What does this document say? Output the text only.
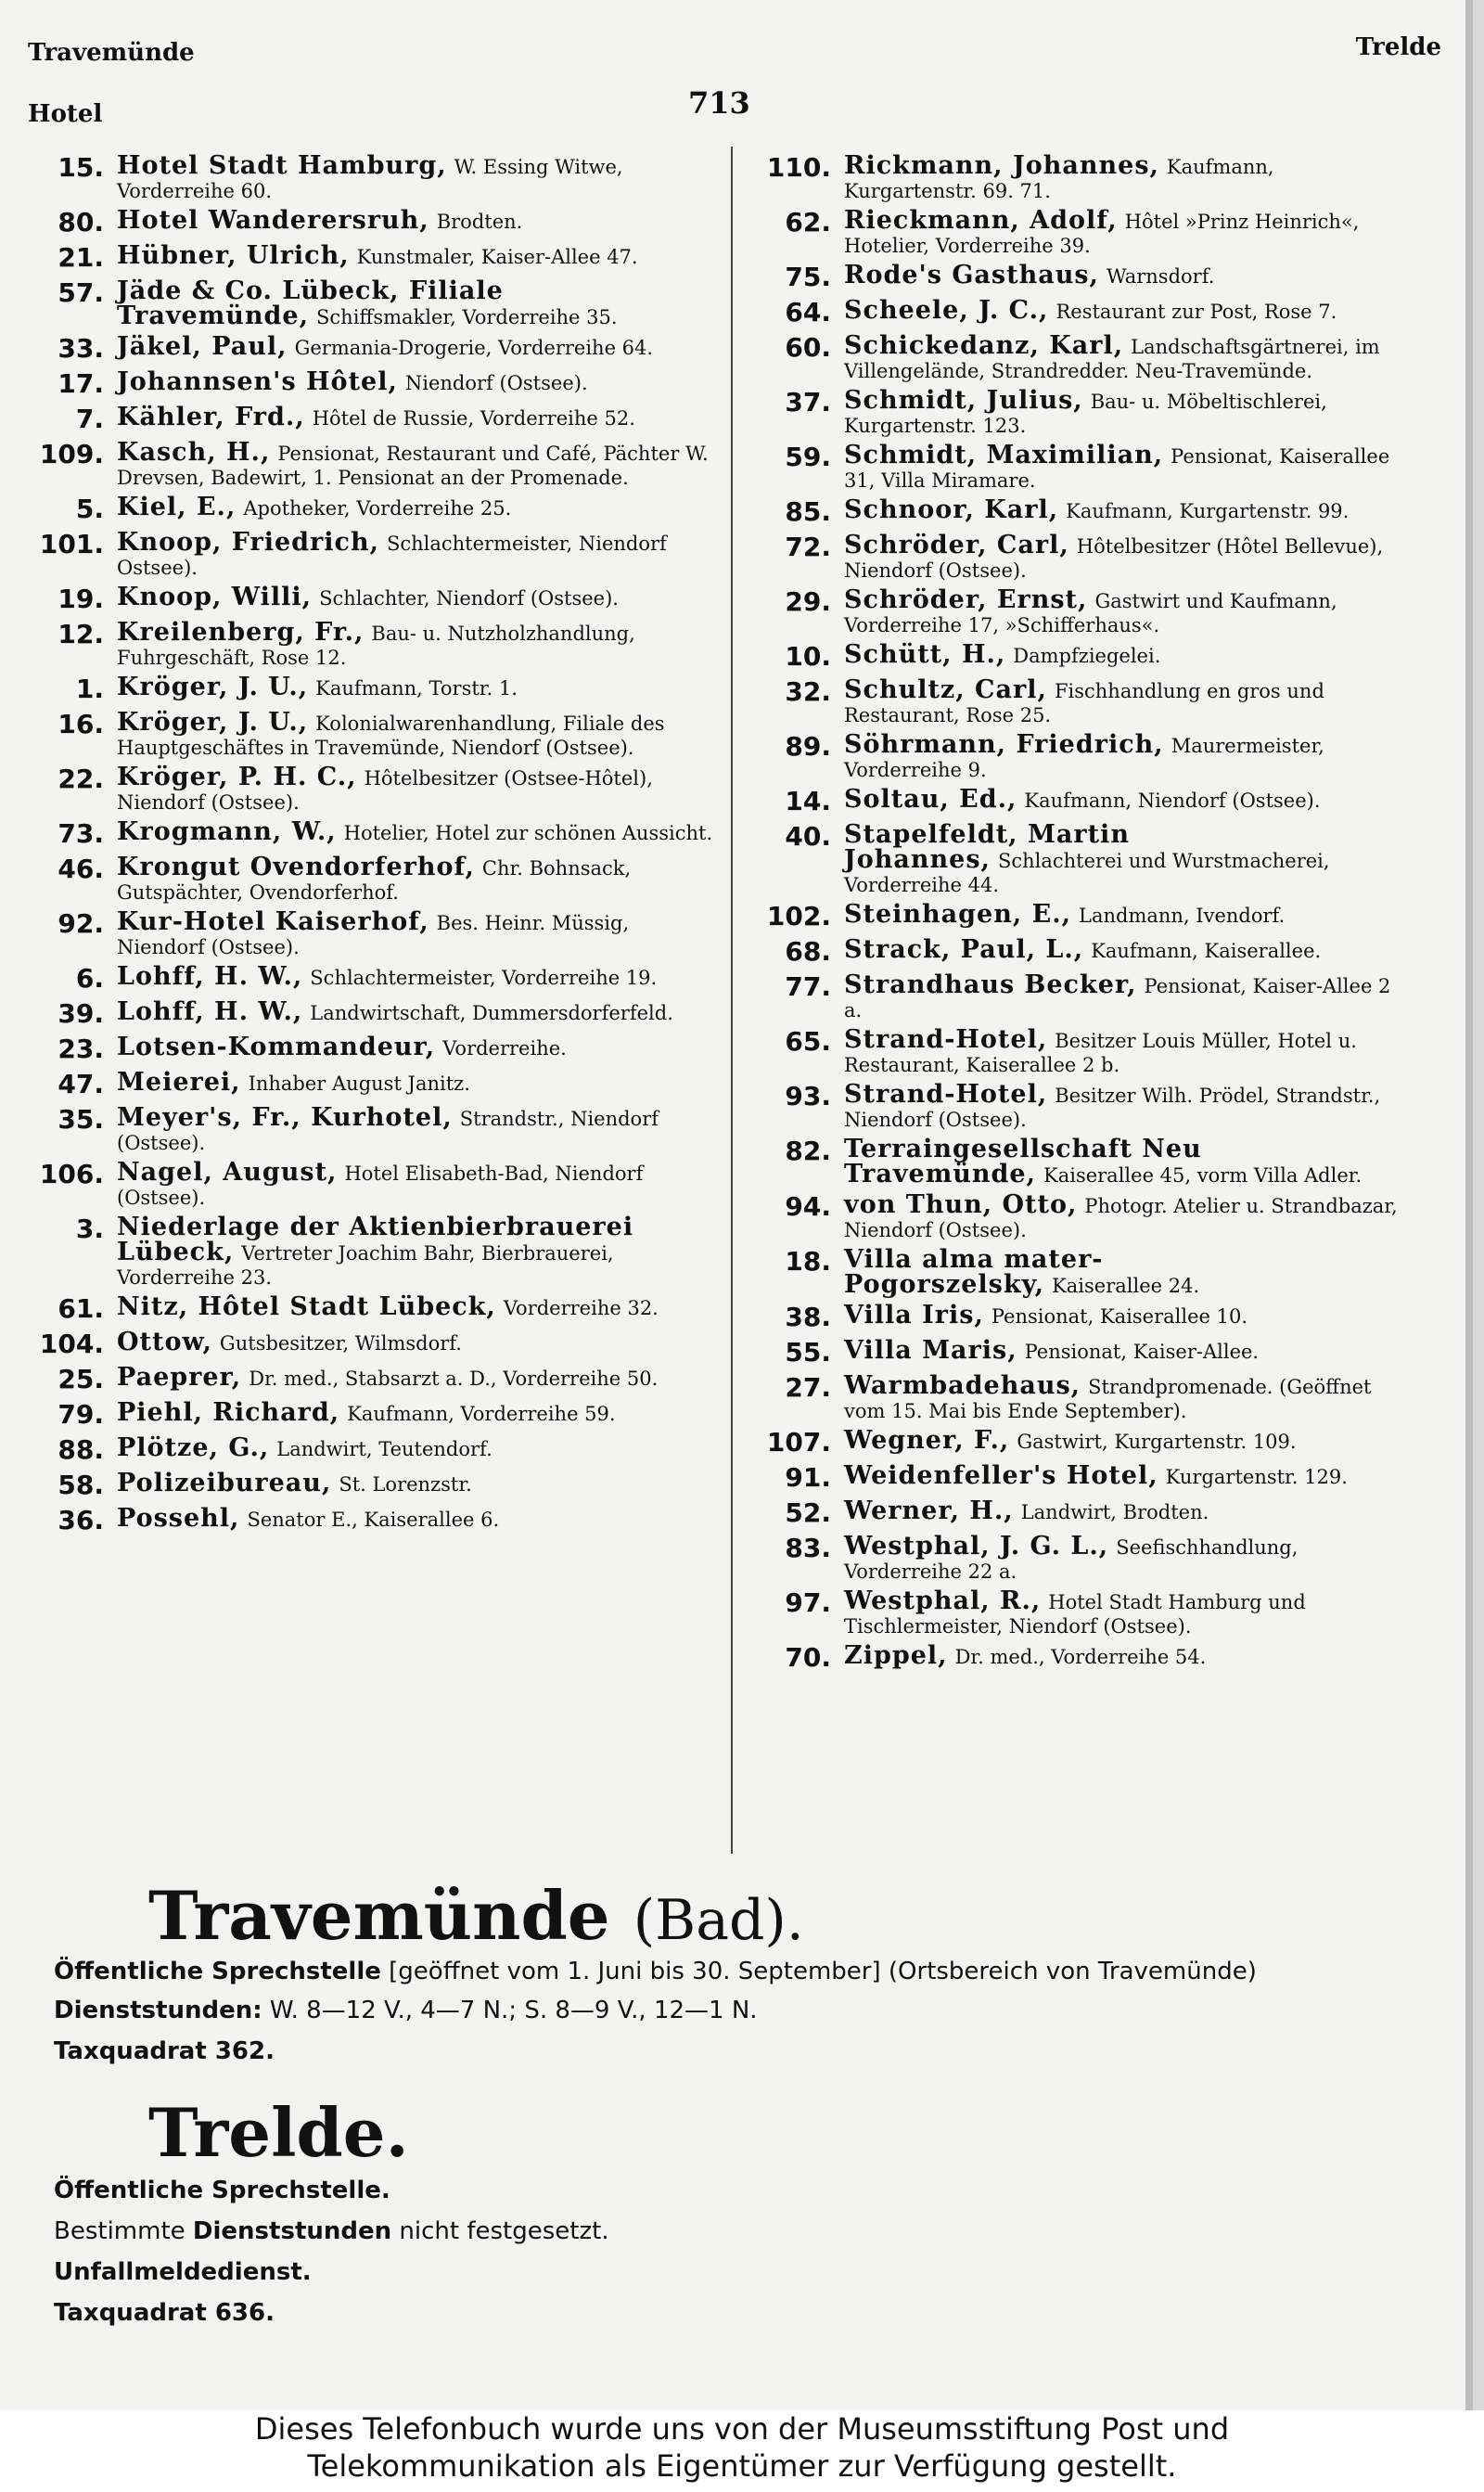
Travemünde
Hotel	713
Trelde
15. Hotel Stadt Hamburg, W. Essing Witwe, Vorderreihe 60.
80. Hotel Wanderersruh, Brodten.
21. Hübner, Ulrich, Kunstmaler, Kaiser-Allee 47.
57. Jäde & Co. Lübeck, Filiale Travemünde, Schiffsmakler, Vorderreihe 35.
33. Jäkel, Paul, Germania-Drogerie, Vorderreihe 64.
17. Johannsen's Hôtel, Niendorf (Ostsee).
7. Kähler, Frd., Hôtel de Russie, Vorderreihe 52.
109. Kasch, H., Pensionat, Restaurant und Café, Pächter W. Drevsen, Badewirt, 1. Pensionat an der Promenade.
5. Kiel, E., Apotheker, Vorderreihe 25.
101. Knoop, Friedrich, Schlachtermeister, Niendorf Ostsee).
19. Knoop, Willi, Schlachter, Niendorf (Ostsee).
12. Kreilenberg, Fr., Bau- u. Nutzholzhandlung, Fuhrgeschäft, Rose 12.
1. Kröger, J. U., Kaufmann, Torstr. 1.
16. Kröger, J. U., Kolonialwarenhandlung, Filiale des Hauptgeschäftes in Travemünde, Niendorf (Ostsee).
22. Kröger, P. H. C., Hôtelbesitzer (Ostsee-Hôtel), Niendorf (Ostsee).
73. Krogmann, W., Hotelier, Hotel zur schönen Aussicht.
46. Krongut Ovendorferhof, Chr. Bohnsack, Gutspächter, Ovendorferhof.
92. Kur-Hotel Kaiserhof, Bes. Heinr. Müssig, Niendorf (Ostsee).
6. Lohff, H. W., Schlachtermeister, Vorderreihe 19.
39. Lohff, H. W., Landwirtschaft, Dummersdorferfeld.
23. Lotsen-Kommandeur, Vorderreihe.
47. Meierei, Inhaber August Janitz.
35. Meyer's, Fr., Kurhotel, Strandstr., Niendorf (Ostsee).
106. Nagel, August, Hotel Elisabeth-Bad, Niendorf (Ostsee).
3. Niederlage der Aktienbierbrauerei Lübeck, Vertreter Joachim Bahr, Bierbrauerei, Vorderreihe 23.
61. Nitz, Hôtel Stadt Lübeck, Vorderreihe 32.
104. Ottow, Gutsbesitzer, Wilmsdorf.
25. Paeprer, Dr. med., Stabsarzt a. D., Vorderreihe 50.
79. Piehl, Richard, Kaufmann, Vorderreihe 59.
88. Plötze, G., Landwirt, Teutendorf.
58. Polizeibureau, St. Lorenzstr.
36. Possehl, Senator E., Kaiserallee 6.
110. Rickmann, Johannes, Kaufmann, Kurgartenstr. 69. 71.
62. Rieckmann, Adolf, Hôtel »Prinz Heinrich«, Hotelier, Vorderreihe 39.
75. Rode's Gasthaus, Warnsdorf.
64. Scheele, J. C., Restaurant zur Post, Rose 7.
60. Schickedanz, Karl, Landschaftsgärtnerei, im Villengelände, Strandredder. Neu-Travemünde.
37. Schmidt, Julius, Bau- u. Möbeltischlerei, Kurgartenstr. 123.
59. Schmidt, Maximilian, Pensionat, Kaiserallee 31, Villa Miramare.
85. Schnoor, Karl, Kaufmann, Kurgartenstr. 99.
72. Schröder, Carl, Hôtelbesitzer (Hôtel Bellevue), Niendorf (Ostsee).
29. Schröder, Ernst, Gastwirt und Kaufmann, Vorderreihe 17, »Schifferhaus«.
10. Schütt, H., Dampfziegelei.
32. Schultz, Carl, Fischhandlung en gros und Restaurant, Rose 25.
89. Söhrmann, Friedrich, Maurermeister, Vorderreihe 9.
14. Soltau, Ed., Kaufmann, Niendorf (Ostsee).
40. Stapelfeldt, Martin Johannes, Schlachterei und Wurstmacherei, Vorderreihe 44.
102. Steinhagen, E., Landmann, Ivendorf.
68. Strack, Paul, L., Kaufmann, Kaiserallee.
77. Strandhaus Becker, Pensionat, Kaiser-Allee 2 a.
65. Strand-Hotel, Besitzer Louis Müller, Hotel u. Restaurant, Kaiserallee 2 b.
93. Strand-Hotel, Besitzer Wilh. Prödel, Strandstr., Niendorf (Ostsee).
82. Terraingesellschaft Neu Travemünde, Kaiserallee 45, vorm Villa Adler.
94. von Thun, Otto, Photogr. Atelier u. Strandbazar, Niendorf (Ostsee).
18. Villa alma mater-Pogorszelsky, Kaiserallee 24.
38. Villa Iris, Pensionat, Kaiserallee 10.
55. Villa Maris, Pensionat, Kaiser-Allee.
27. Warmbadehaus, Strandpromenade. (Geöffnet vom 15. Mai bis Ende September).
107. Wegner, F., Gastwirt, Kurgartenstr. 109.
91. Weidenfeller's Hotel, Kurgartenstr. 129.
52. Werner, H., Landwirt, Brodten.
83. Westphal, J. G. L., Seefischhandlung, Vorderreihe 22 a.
97. Westphal, R., Hotel Stadt Hamburg und Tischlermeister, Niendorf (Ostsee).
70. Zippel, Dr. med., Vorderreihe 54.
Travemünde (Bad).
Öffentliche Sprechstelle [geöffnet vom 1. Juni bis 30. September] (Ortsbereich von Travemünde)
Dienststunden: W. 8—12 V., 4—7 N.; S. 8—9 V., 12—1 N.
Taxquadrat 362.
Trelde.
Öffentliche Sprechstelle.
Bestimmte Dienststunden nicht festgesetzt.
Unfallmeldedienst.
Taxquadrat 636.
Dieses Telefonbuch wurde uns von der Museumsstiftung Post und
Telekommunikation als Eigentümer zur Verfügung gestellt.
